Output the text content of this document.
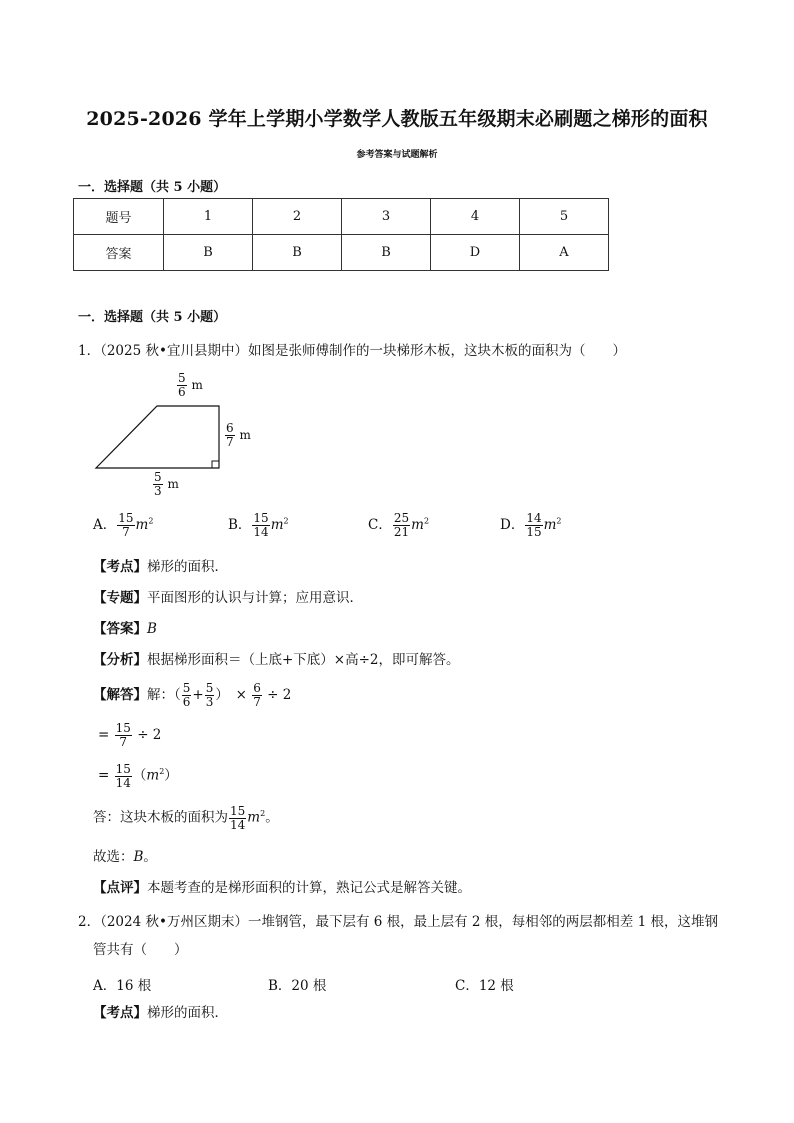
2025-2026 学年上学期小学数学人教版五年级期末必刷题之梯形的面积
参考答案与试题解析
一．选择题（共 5 小题）
题号	1	2	3	4	5
答案	B	B	B	D	A
一．选择题（共 5 小题）
1．（2025 秋•宜川县期中）如图是张师傅制作的一块梯形木板，这块木板的面积为（　　）
$\frac{5}{6}$ m
$\frac{6}{7}$ m
$\frac{5}{3}$ m
A． $\frac{15}{7} m^2$	B． $\frac{15}{14} m^2$	C． $\frac{25}{21} m^2$	D． $\frac{14}{15} m^2$
【考点】梯形的面积．
【专题】平面图形的认识与计算；应用意识．
【答案】B
【分析】根据梯形面积＝（上底+下底）×高÷2，即可解答。
【解答】解：（ $\frac{5}{6} + \frac{5}{3}$ ）　× $\frac{6}{7} \div 2$
= $\frac{15}{7} \div 2$
= $\frac{15}{14} (m^2)$
答：这块木板的面积为 $\frac{15}{14} m^2$。
故选：B。
【点评】本题考查的是梯形面积的计算，熟记公式是解答关键。
2．（2024 秋•万州区期末）一堆钢管，最下层有 6 根，最上层有 2 根，每相邻的两层都相差 1 根，这堆钢
管共有（　　）
A．16 根	B．20 根	C．12 根
【考点】梯形的面积．
